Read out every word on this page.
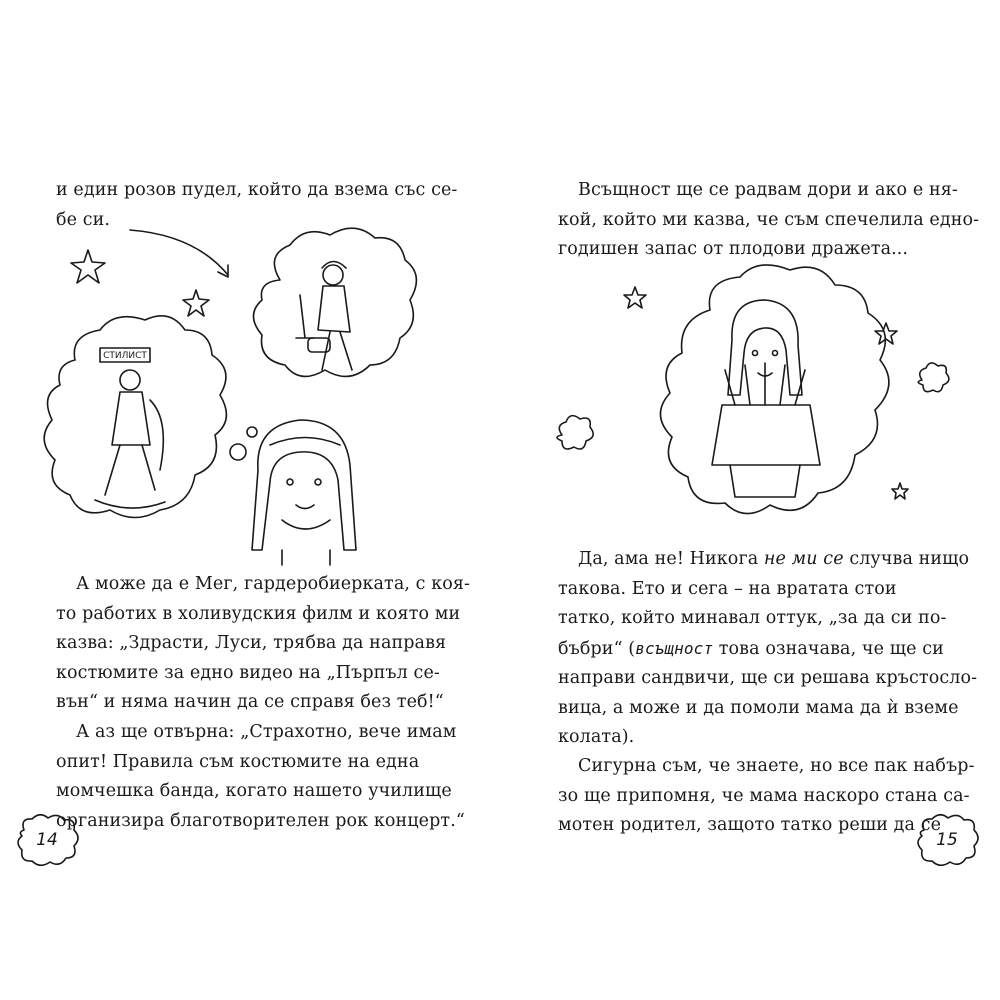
и един розов пудел, който да взема със се-
бе си.
СТИЛИСТ
А може да е Мег, гардеробиерката, с коя-
то работих в холивудския филм и която ми
казва: „Здрасти, Луси, трябва да направя
костюмите за едно видео на „Пърпъл се-
вън“ и няма начин да се справя без теб!“
А аз ще отвърна: „Страхотно, вече имам
опит! Правила съм костюмите на една
момчешка банда, когато нашето училище
организира благотворителен рок концерт.“
14
Всъщност ще се радвам дори и ако е ня-
кой, който ми казва, че съм спечелила едно-
годишен запас от плодови дражета...
Да, ама не! Никога не ми се случва нищо
такова. Ето и сега – на вратата стои
татко, който минавал оттук, „за да си по-
бъбри“ (всъщност това означава, че ще си
направи сандвичи, ще си решава кръстосло-
вица, а може и да помоли мама да ѝ вземе
колата).
Сигурна съм, че знаете, но все пак набър-
зо ще припомня, че мама наскоро стана са-
мотен родител, защото татко реши да се
15
